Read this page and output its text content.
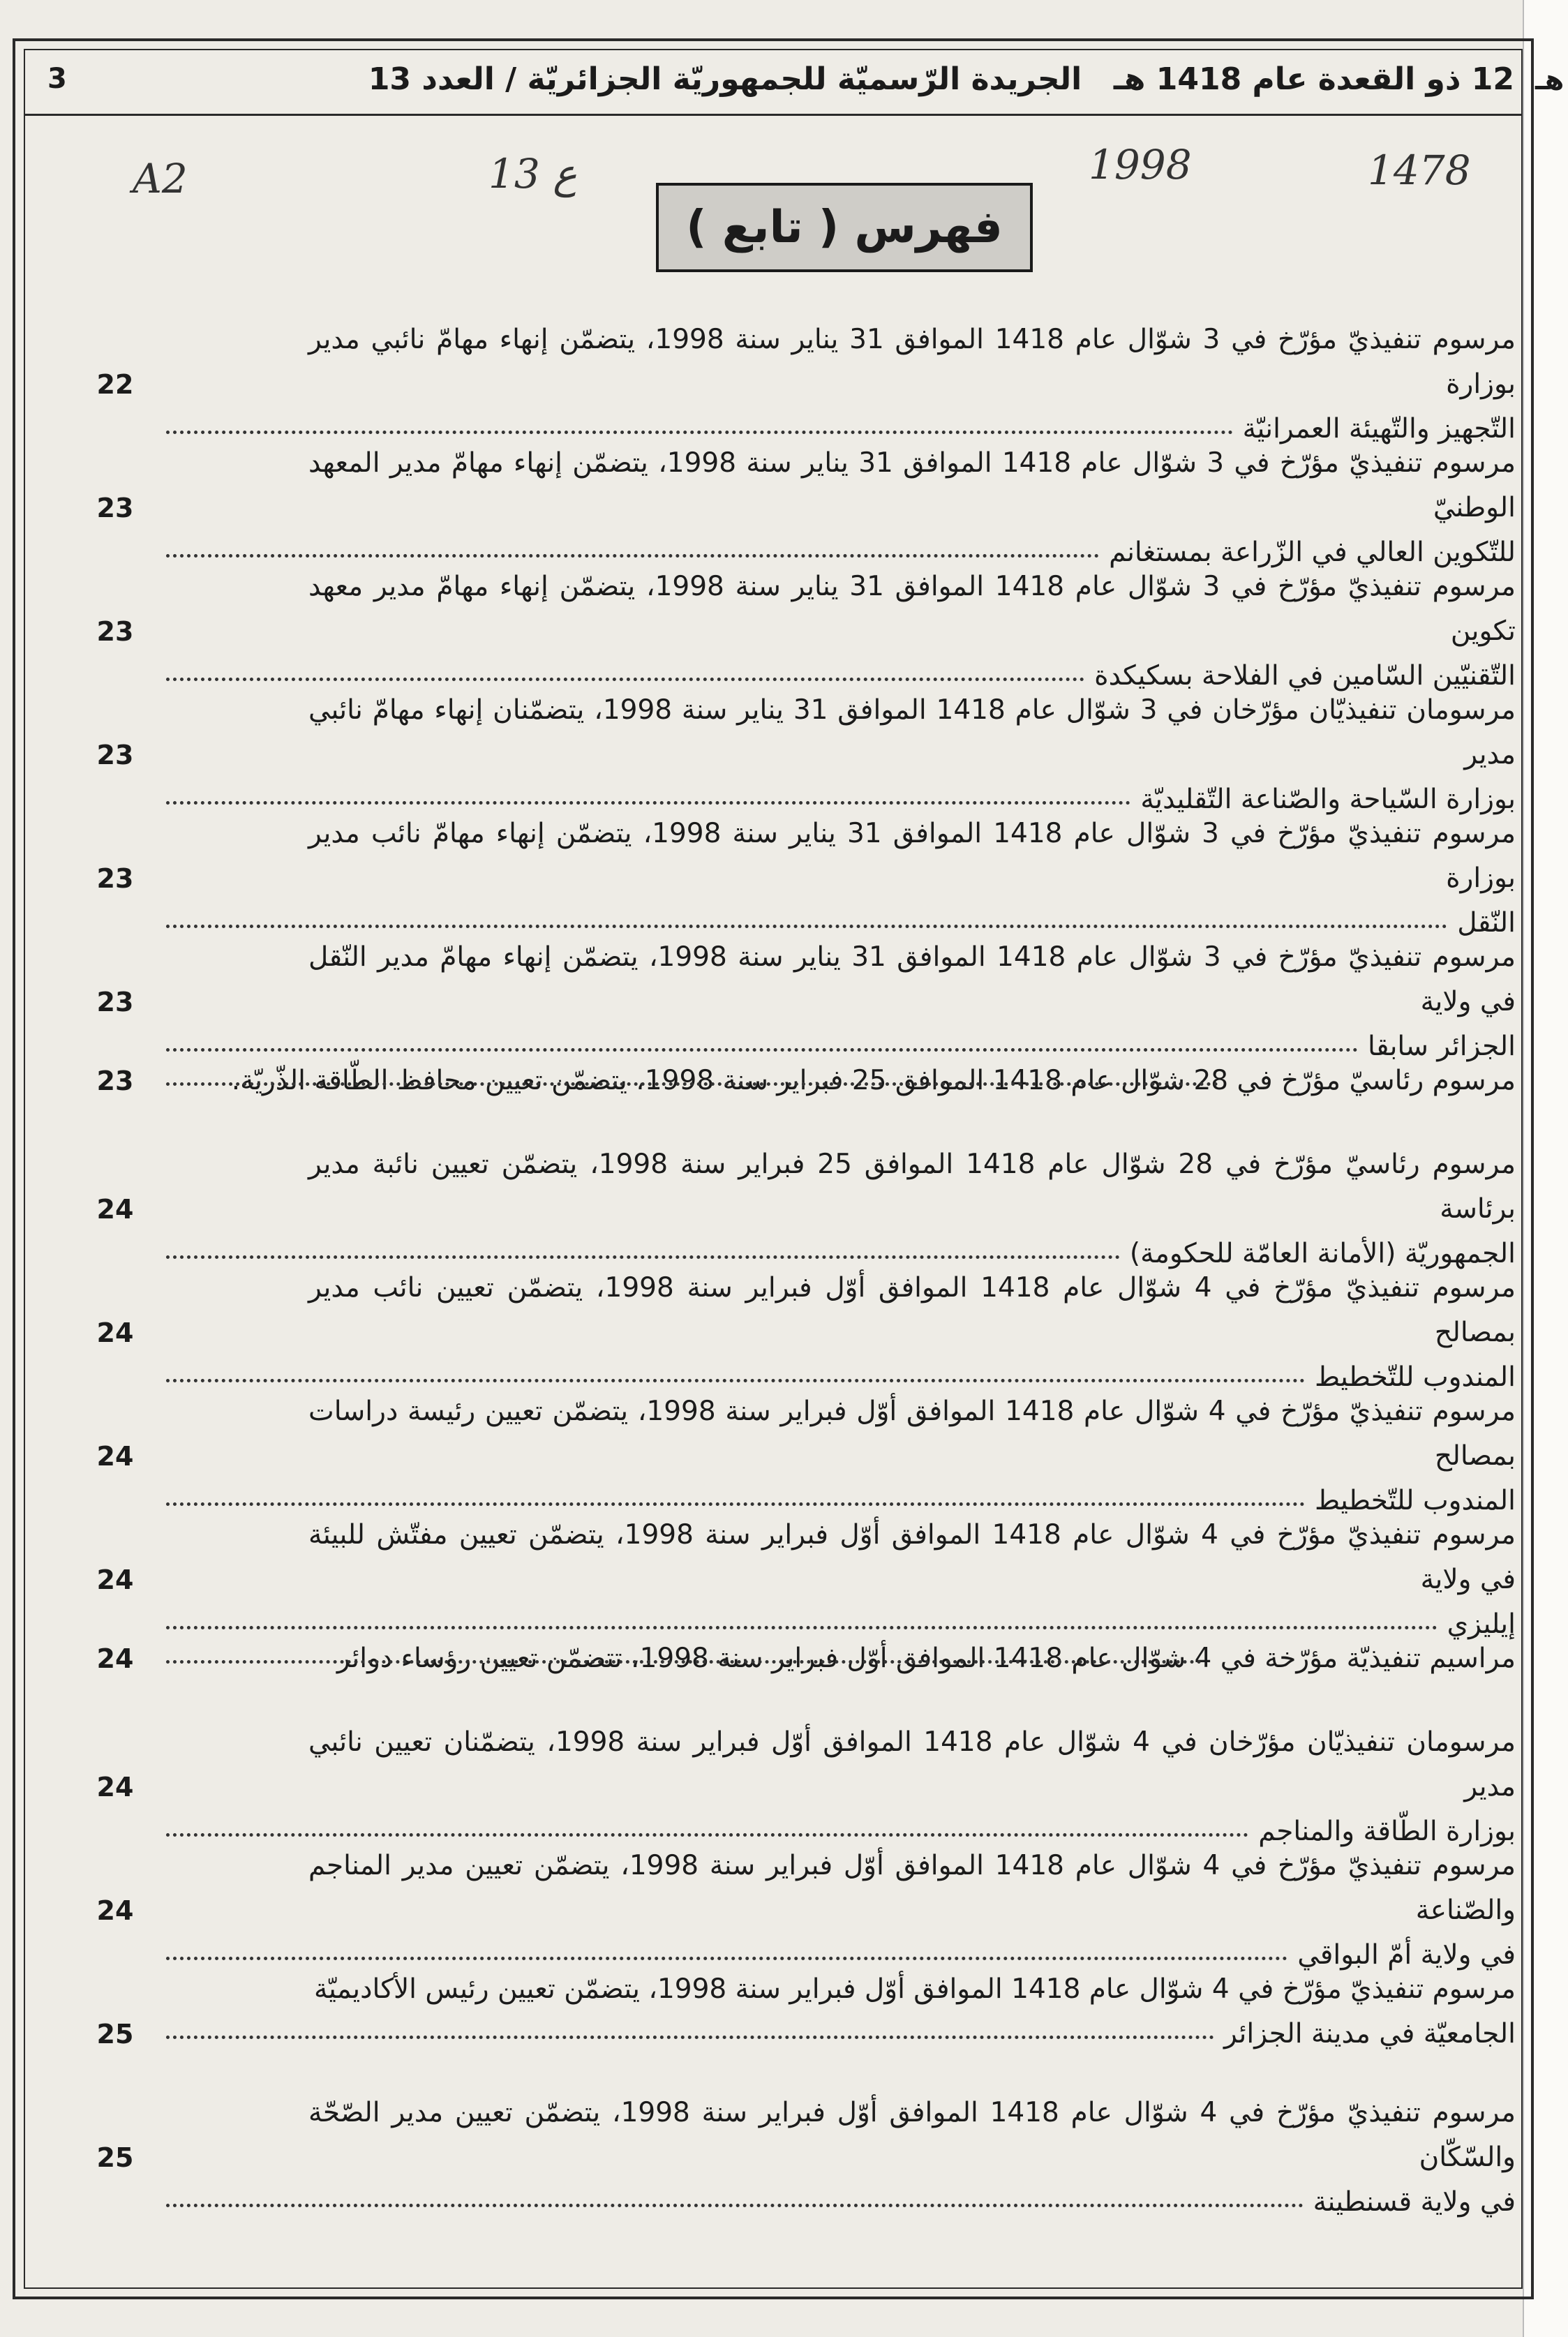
هـ
3	الجريدة الرّسميّة للجمهوريّة الجزائريّة / العدد 13	12 ذو القعدة عام 1418 هـ
A2	13 ع	1998	1478
فهرس ( تابع )
مرسوم تنفيذيّ مؤرّخ في 3 شوّال عام 1418 الموافق 31 يناير سنة 1998، يتضمّن إنهاء مهامّ نائبي مدير بوزارة
التّجهيز والتّهيئة العمرانيّة
22
مرسوم تنفيذيّ مؤرّخ في 3 شوّال عام 1418 الموافق 31 يناير سنة 1998، يتضمّن إنهاء مهامّ مدير المعهد الوطنيّ
للتّكوين العالي في الزّراعة بمستغانم
23
مرسوم تنفيذيّ مؤرّخ في 3 شوّال عام 1418 الموافق 31 يناير سنة 1998، يتضمّن إنهاء مهامّ مدير معهد تكوين
التّقنيّين السّامين في الفلاحة بسكيكدة
23
مرسومان تنفيذيّان مؤرّخان في 3 شوّال عام 1418 الموافق 31 يناير سنة 1998، يتضمّنان إنهاء مهامّ نائبي مدير
بوزارة السّياحة والصّناعة التّقليديّة
23
مرسوم تنفيذيّ مؤرّخ في 3 شوّال عام 1418 الموافق 31 يناير سنة 1998، يتضمّن إنهاء مهامّ نائب مدير بوزارة
النّقل
23
مرسوم تنفيذيّ مؤرّخ في 3 شوّال عام 1418 الموافق 31 يناير سنة 1998، يتضمّن إنهاء مهامّ مدير النّقل في ولاية
الجزائر سابقا
23
مرسوم رئاسيّ مؤرّخ في 28 شوّال عام 1418 الموافق 25 فبراير سنة 1998، يتضمّن تعيين محافظ الطّاقة الذّريّة.
23
مرسوم رئاسيّ مؤرّخ في 28 شوّال عام 1418 الموافق 25 فبراير سنة 1998، يتضمّن تعيين نائبة مدير برئاسة
الجمهوريّة (الأمانة العامّة للحكومة)
24
مرسوم تنفيذيّ مؤرّخ في 4 شوّال عام 1418 الموافق أوّل فبراير سنة 1998، يتضمّن تعيين نائب مدير بمصالح
المندوب للتّخطيط
24
مرسوم تنفيذيّ مؤرّخ في 4 شوّال عام 1418 الموافق أوّل فبراير سنة 1998، يتضمّن تعيين رئيسة دراسات بمصالح
المندوب للتّخطيط
24
مرسوم تنفيذيّ مؤرّخ في 4 شوّال عام 1418 الموافق أوّل فبراير سنة 1998، يتضمّن تعيين مفتّش للبيئة في ولاية
إيليزي
24
مراسيم تنفيذيّة مؤرّخة في 4 شوّال عام 1418 الموافق أوّل فبراير سنة 1998، تتضمّن تعيين رؤساء دوائر
24
مرسومان تنفيذيّان مؤرّخان في 4 شوّال عام 1418 الموافق أوّل فبراير سنة 1998، يتضمّنان تعيين نائبي مدير
بوزارة الطّاقة والمناجم
24
مرسوم تنفيذيّ مؤرّخ في 4 شوّال عام 1418 الموافق أوّل فبراير سنة 1998، يتضمّن تعيين مدير المناجم والصّناعة
في ولاية أمّ البواقي
24
مرسوم تنفيذيّ مؤرّخ في 4 شوّال عام 1418 الموافق أوّل فبراير سنة 1998، يتضمّن تعيين رئيس الأكاديميّة
الجامعيّة في مدينة الجزائر
25
مرسوم تنفيذيّ مؤرّخ في 4 شوّال عام 1418 الموافق أوّل فبراير سنة 1998، يتضمّن تعيين مدير الصّحّة والسّكّان
في ولاية قسنطينة
25
